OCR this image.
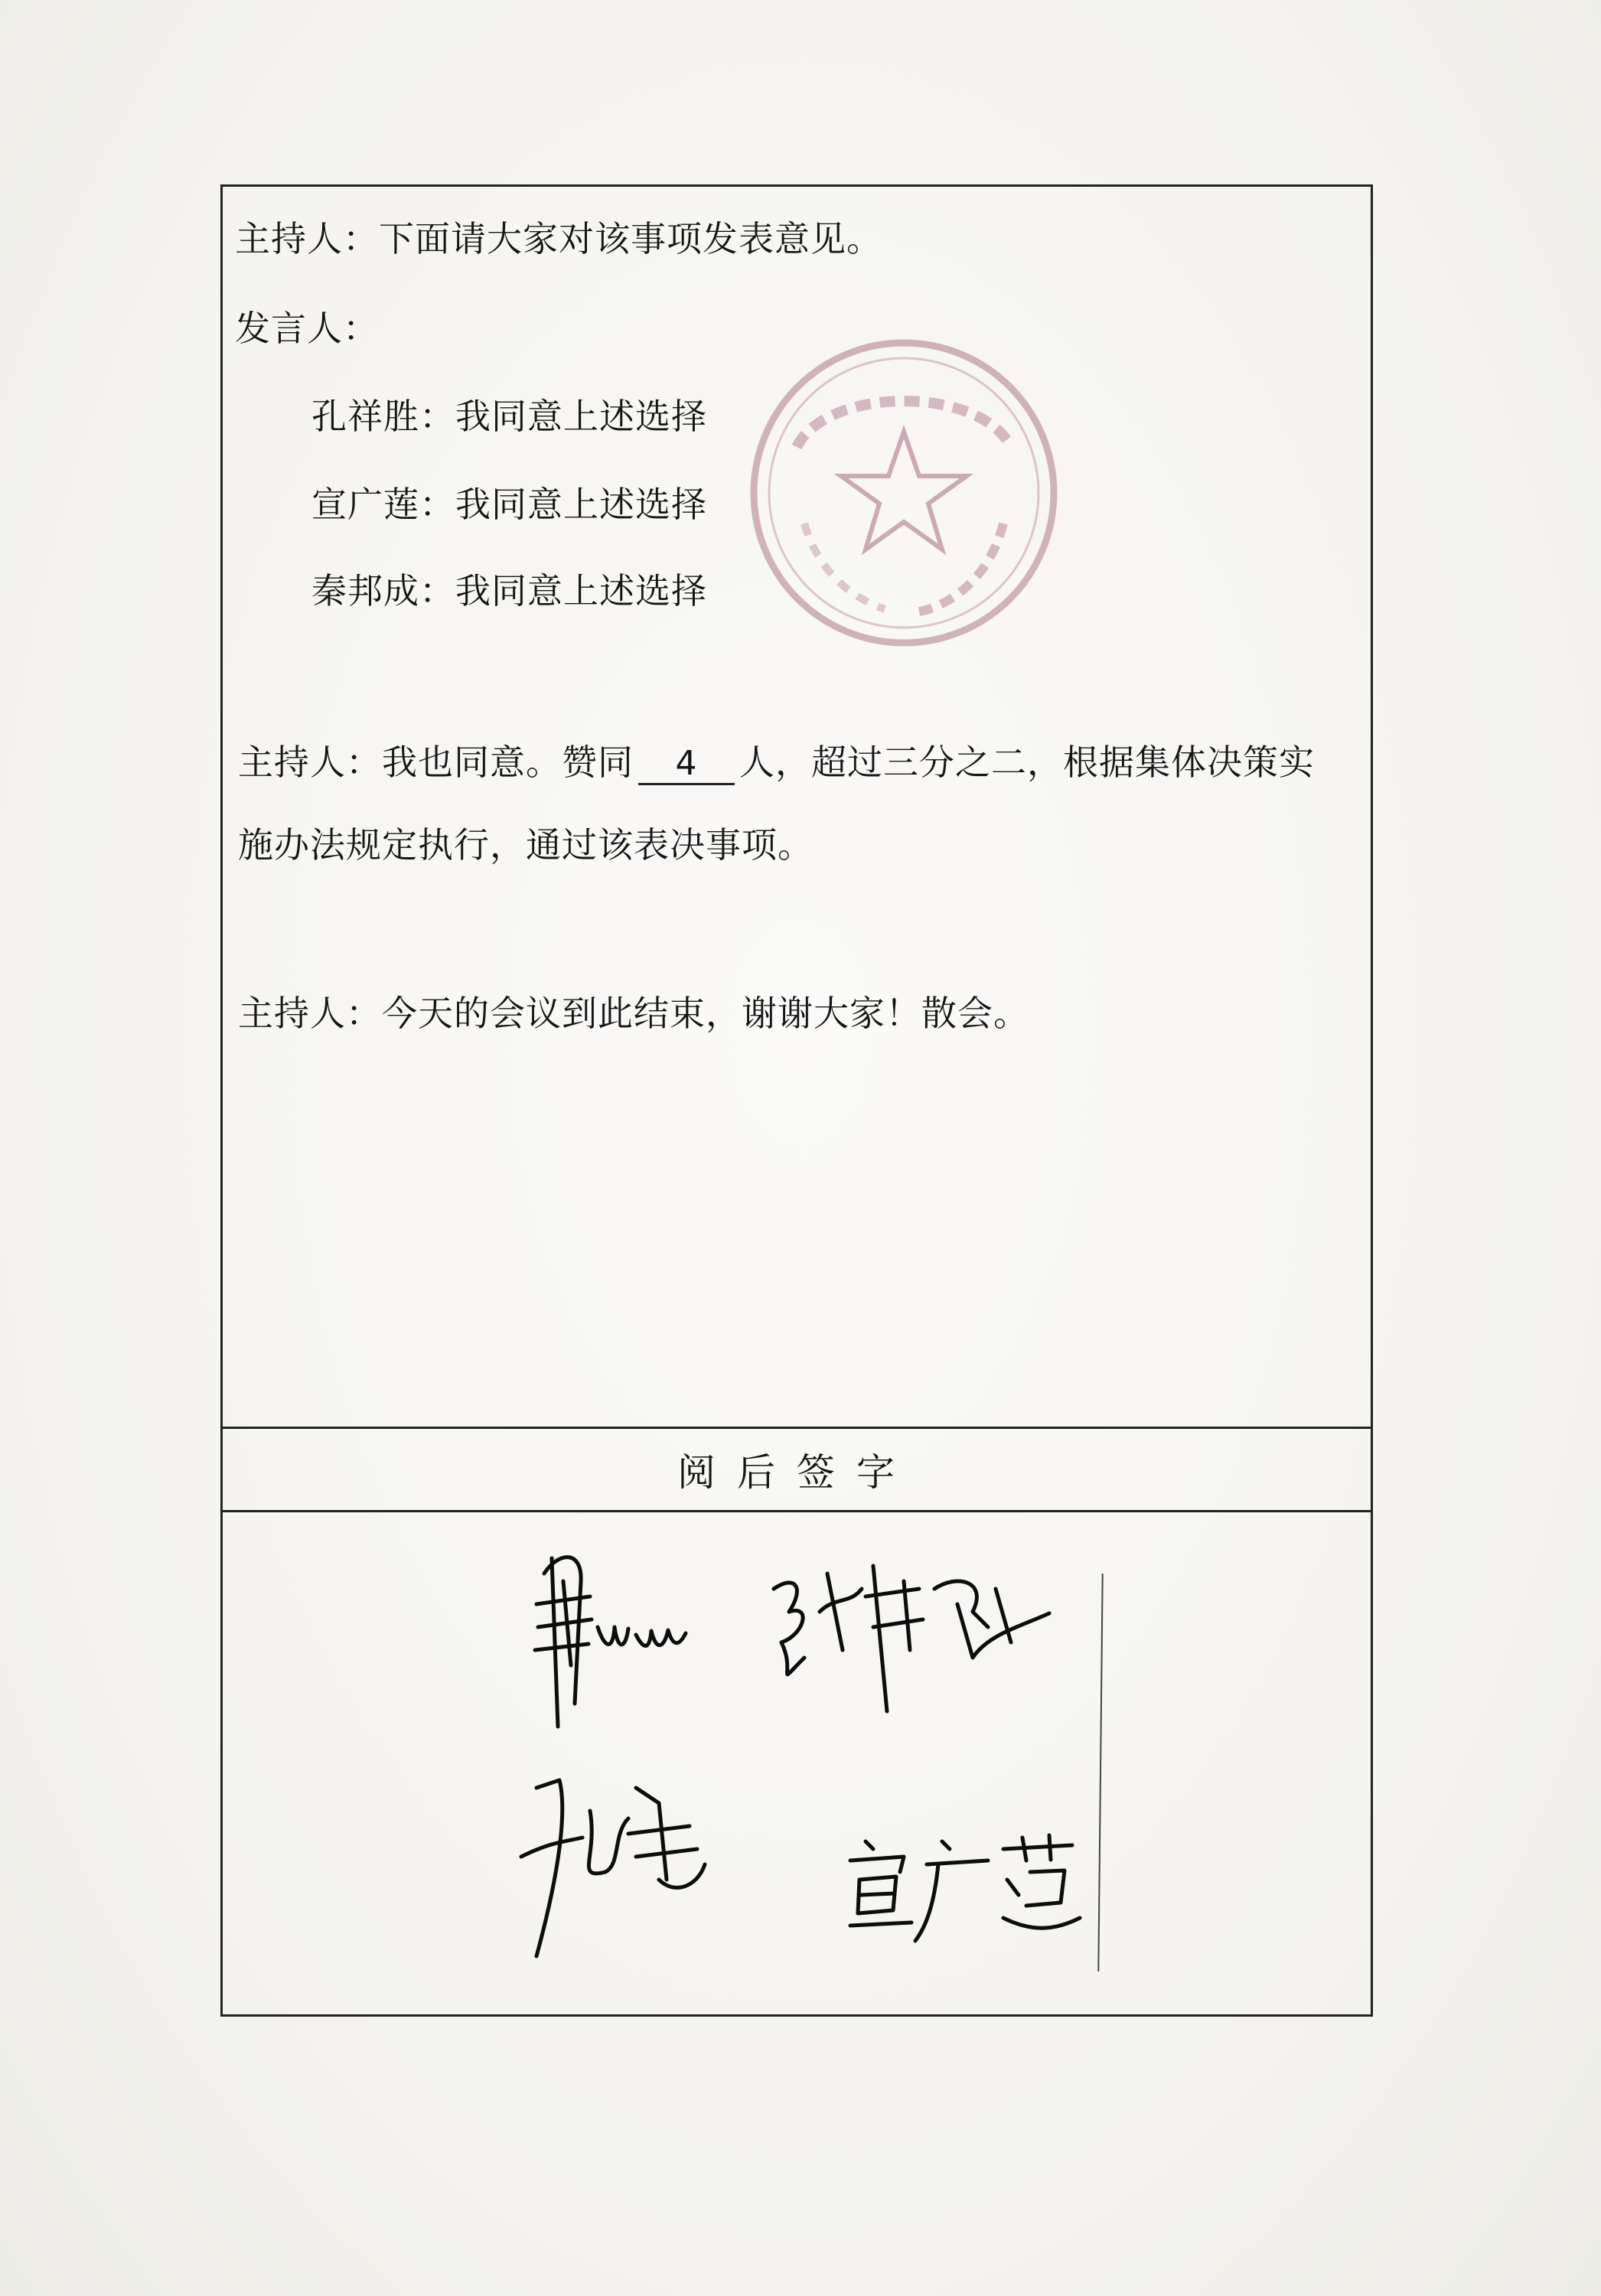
主持人：下面请大家对该事项发表意见。
发言人：
孔祥胜：我同意上述选择
宣广莲：我同意上述选择
秦邦成：我同意上述选择
主持人：我也同意。赞同 4 人，超过三分之二，根据集体决策实
施办法规定执行，通过该表决事项。
主持人：今天的会议到此结束，谢谢大家！散会。
阅后签字
